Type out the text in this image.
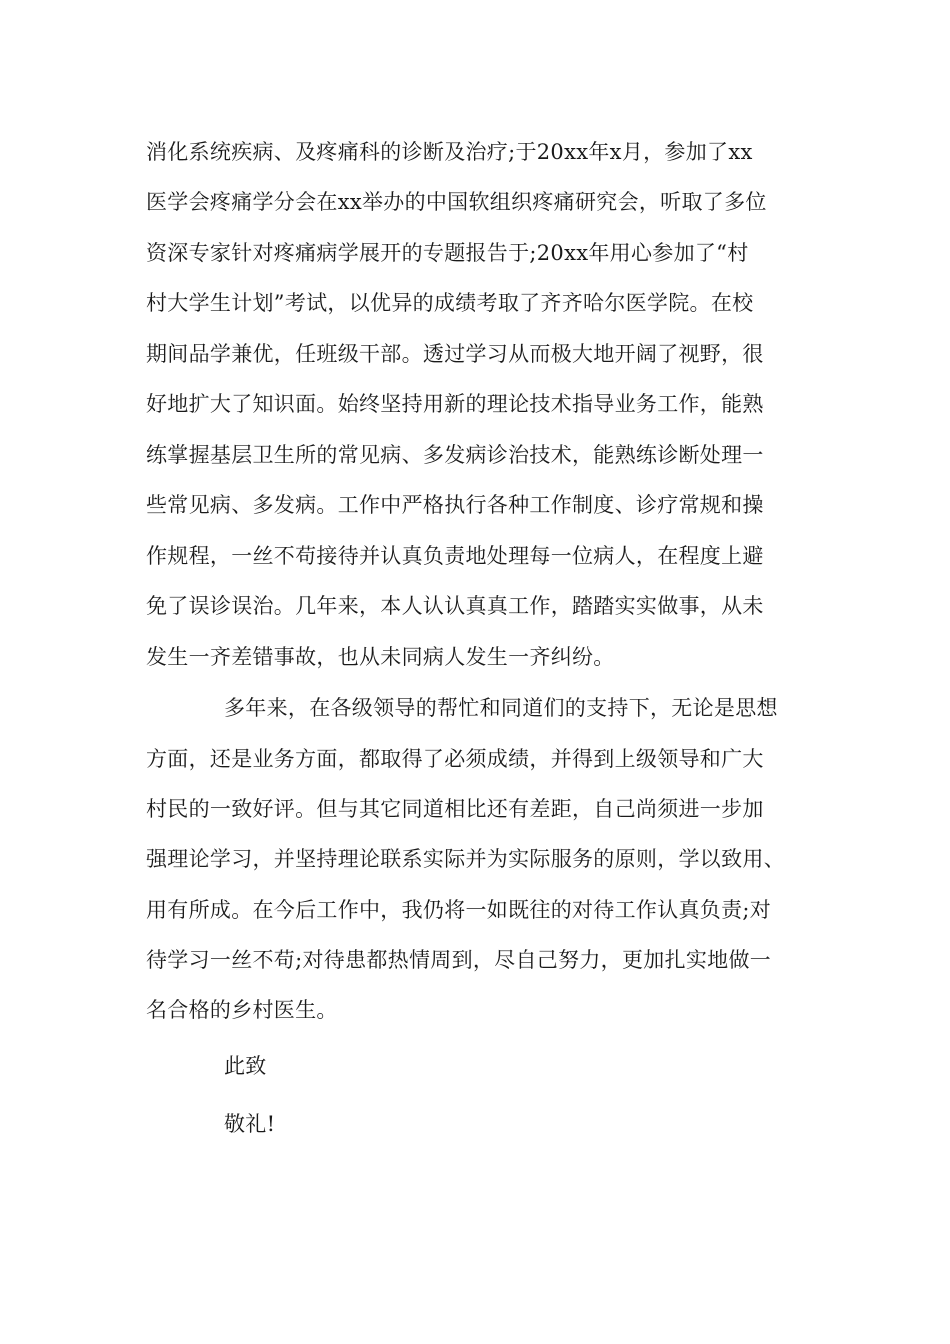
消化系统疾病、及疼痛科的诊断及治疗;于20xx年x月，参加了xx
医学会疼痛学分会在xx举办的中国软组织疼痛研究会，听取了多位
资深专家针对疼痛病学展开的专题报告于;20xx年用心参加了“村
村大学生计划”考试，以优异的成绩考取了齐齐哈尔医学院。在校
期间品学兼优，任班级干部。透过学习从而极大地开阔了视野，很
好地扩大了知识面。始终坚持用新的理论技术指导业务工作，能熟
练掌握基层卫生所的常见病、多发病诊治技术，能熟练诊断处理一
些常见病、多发病。工作中严格执行各种工作制度、诊疗常规和操
作规程，一丝不苟接待并认真负责地处理每一位病人，在程度上避
免了误诊误治。几年来，本人认认真真工作，踏踏实实做事，从未
发生一齐差错事故，也从未同病人发生一齐纠纷。
多年来，在各级领导的帮忙和同道们的支持下，无论是思想
方面，还是业务方面，都取得了必须成绩，并得到上级领导和广大
村民的一致好评。但与其它同道相比还有差距，自己尚须进一步加
强理论学习，并坚持理论联系实际并为实际服务的原则，学以致用、
用有所成。在今后工作中，我仍将一如既往的对待工作认真负责;对
待学习一丝不苟;对待患都热情周到，尽自己努力，更加扎实地做一
名合格的乡村医生。
此致
敬礼!
